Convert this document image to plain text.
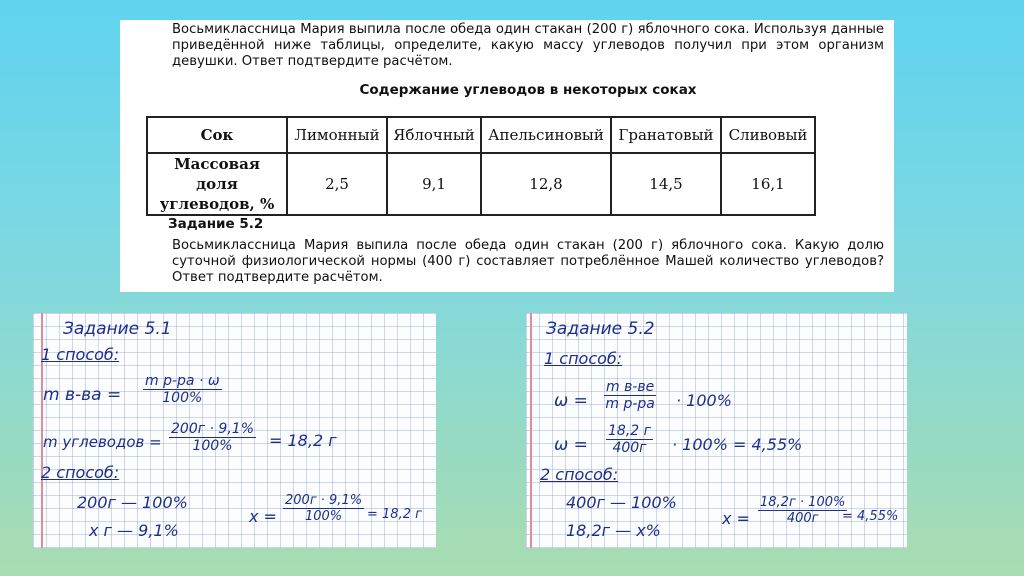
Восьмиклассница Мария выпила после обеда один стакан (200 г) яблочного сока. Используя данные приведённой ниже таблицы, определите, какую массу углеводов получил при этом организм девушки. Ответ подтвердите расчётом.

Содержание углеводов в некоторых соках
Сок	Лимонный	Яблочный	Апельсиновый	Гранатовый	Сливовый
Массовая доля углеводов, %	2,5	9,1	12,8	14,5	16,1
Задание 5.2

Восьмиклассница Мария выпила после обеда один стакан (200 г) яблочного сока. Какую долю суточной физиологической нормы (400 г) составляет потреблённое Машей количество углеводов? Ответ подтвердите расчётом.

Задание 5.1
1 способ:
m в-ва =
m р-ра · ω
100%
m углеводов =
200г · 9,1%
100%	= 18,2 г
2 способ:
200г — 100%
х г — 9,1%
х =
200г · 9,1%
100%	= 18,2 г
Задание 5.2
1 способ:
ω =
m в-ве
m р-ра · 100%
ω =
18,2 г
400г	· 100% = 4,55%
2 способ:
400г — 100%
18,2г — х%
х =
18,2г · 100%
400г	= 4,55%
